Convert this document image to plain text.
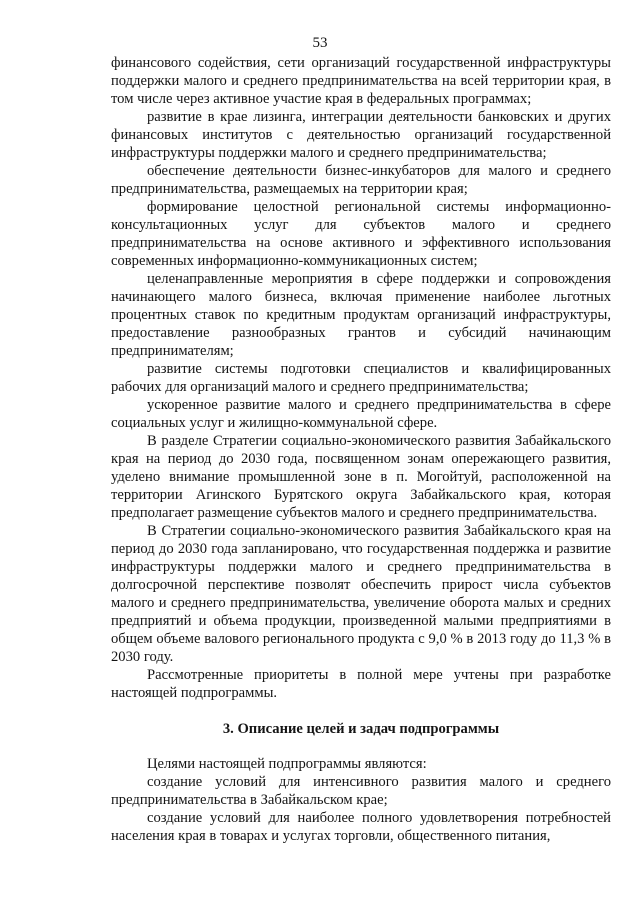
53

финансового содействия, сети организаций государственной инфраструктуры поддержки малого и среднего предпринимательства на всей территории края, в том числе через активное участие края в федеральных программах;

развитие в крае лизинга, интеграции деятельности банковских и других финансовых институтов с деятельностью организаций государственной инфраструктуры поддержки малого и среднего предпринимательства;

обеспечение деятельности бизнес-инкубаторов для малого и среднего предпринимательства, размещаемых на территории края;

формирование целостной региональной системы информационно-консультационных услуг для субъектов малого и среднего предпринимательства на основе активного и эффективного использования современных информационно-коммуникационных систем;

целенаправленные мероприятия в сфере поддержки и сопровождения начинающего малого бизнеса, включая применение наиболее льготных процентных ставок по кредитным продуктам организаций инфраструктуры, предоставление разнообразных грантов и субсидий начинающим предпринимателям;

развитие системы подготовки специалистов и квалифицированных рабочих для организаций малого и среднего предпринимательства;

ускоренное развитие малого и среднего предпринимательства в сфере социальных услуг и жилищно-коммунальной сфере.

В разделе Стратегии социально-экономического развития Забайкальского края на период до 2030 года, посвященном зонам опережающего развития, уделено внимание промышленной зоне в п. Могойтуй, расположенной на территории Агинского Бурятского округа Забайкальского края, которая предполагает размещение субъектов малого и среднего предпринимательства.

В Стратегии социально-экономического развития Забайкальского края на период до 2030 года запланировано, что государственная поддержка и развитие инфраструктуры поддержки малого и среднего предпринимательства в долгосрочной перспективе позволят обеспечить прирост числа субъектов малого и среднего предпринимательства, увеличение оборота малых и средних предприятий и объема продукции, произведенной малыми предприятиями в общем объеме валового регионального продукта с 9,0 % в 2013 году до 11,3 % в 2030 году.

Рассмотренные приоритеты в полной мере учтены при разработке настоящей подпрограммы.

3. Описание целей и задач подпрограммы

Целями настоящей подпрограммы являются:

создание условий для интенсивного развития малого и среднего предпринимательства в Забайкальском крае;

создание условий для наиболее полного удовлетворения потребностей населения края в товарах и услугах торговли, общественного питания,
